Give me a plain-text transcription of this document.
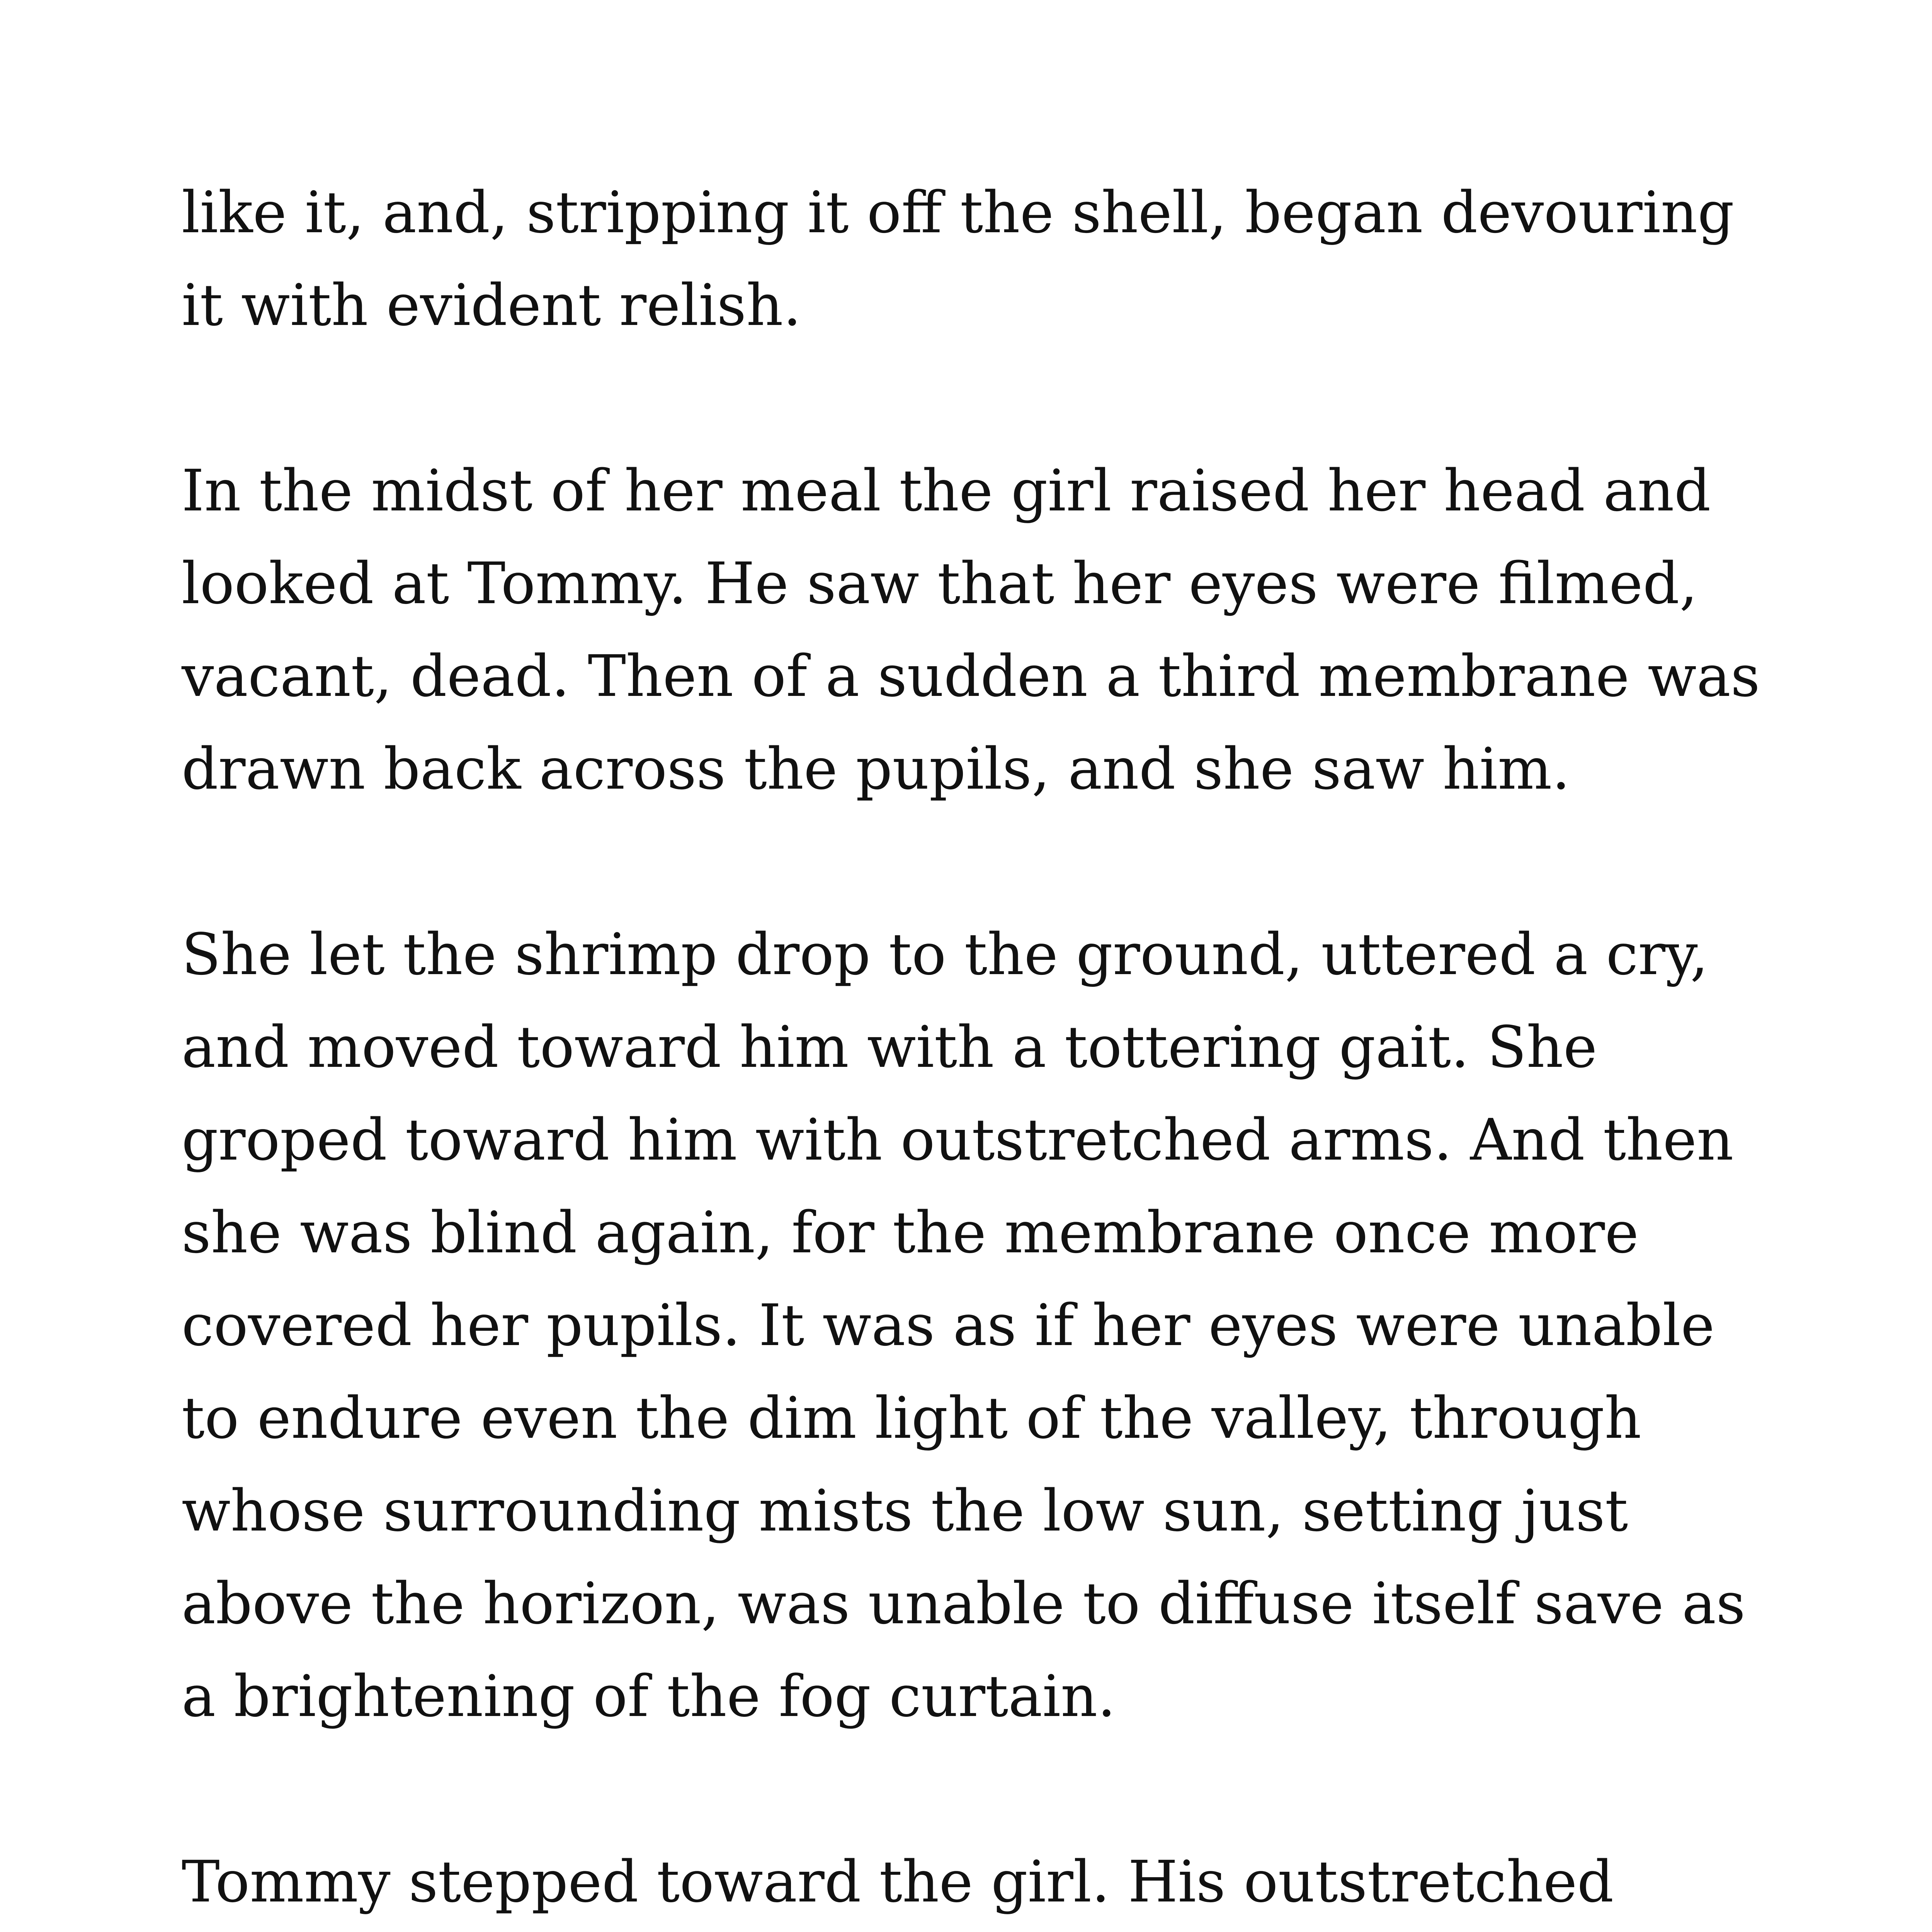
like it, and, stripping it off the shell, began devouring
it with evident relish.

In the midst of her meal the girl raised her head and
looked at Tommy. He saw that her eyes were filmed,
vacant, dead. Then of a sudden a third membrane was
drawn back across the pupils, and she saw him.

She let the shrimp drop to the ground, uttered a cry,
and moved toward him with a tottering gait. She
groped toward him with outstretched arms. And then
she was blind again, for the membrane once more
covered her pupils. It was as if her eyes were unable
to endure even the dim light of the valley, through
whose surrounding mists the low sun, setting just
above the horizon, was unable to diffuse itself save as
a brightening of the fog curtain.

Tommy stepped toward the girl. His outstretched
